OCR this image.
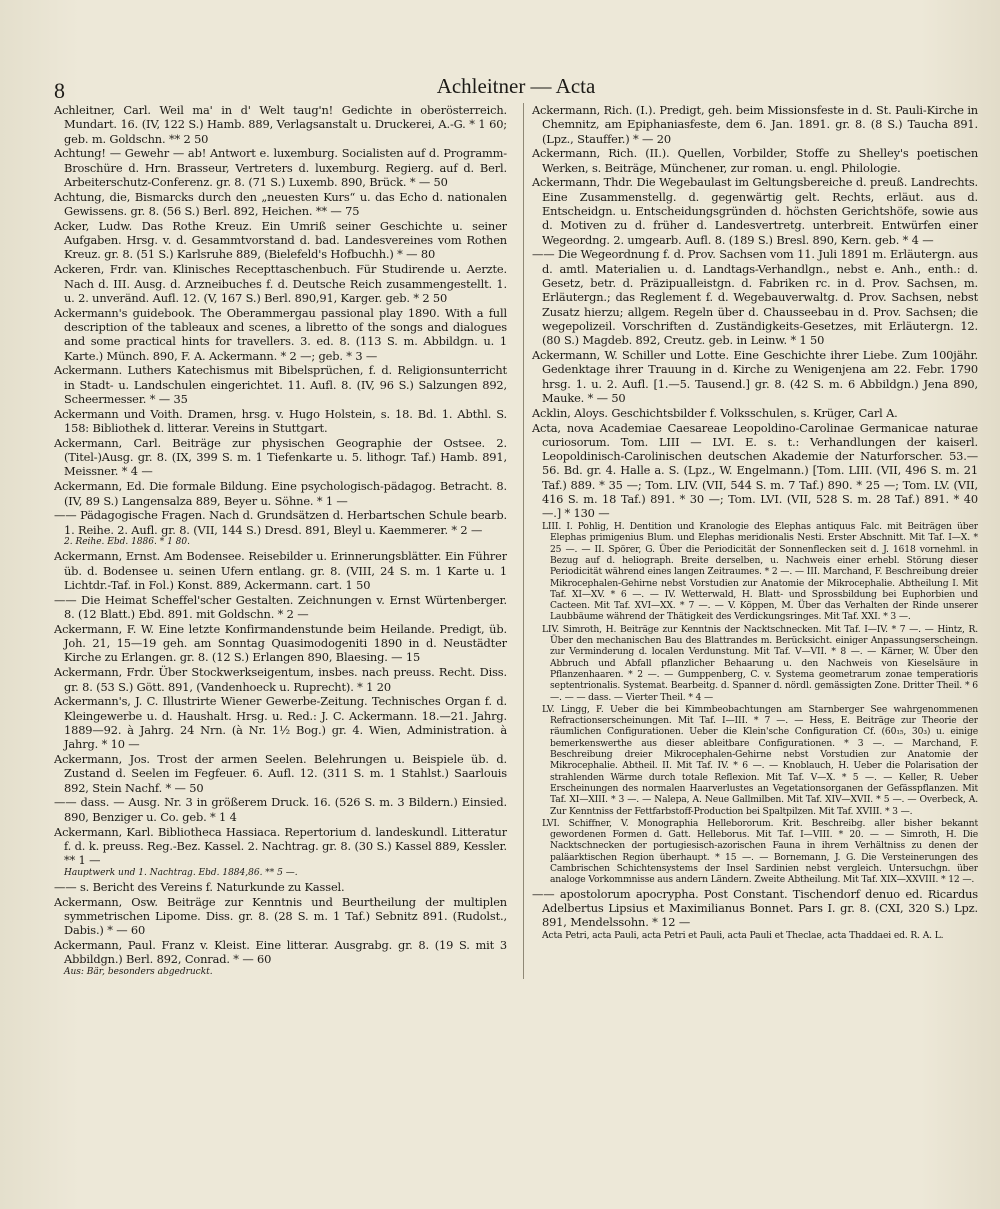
8	Achleitner — Acta

Achleitner, Carl. Weil ma' in d' Welt taug'n! Gedichte in oberösterreich. Mundart. 16. (IV, 122 S.) Hamb. 889, Verlagsanstalt u. Druckerei, A.-G. * 1 60; geb. m. Goldschn. ** 2 50

Achtung! — Gewehr — ab! Antwort e. luxemburg. Socialisten auf d. Programm-Broschüre d. Hrn. Brasseur, Vertreters d. luxemburg. Regierg. auf d. Berl. Arbeiterschutz-Conferenz. gr. 8. (71 S.) Luxemb. 890, Brück. * — 50

Achtung, die, Bismarcks durch den „neuesten Kurs“ u. das Echo d. nationalen Gewissens. gr. 8. (56 S.) Berl. 892, Heichen. ** — 75

Acker, Ludw. Das Rothe Kreuz. Ein Umriß seiner Geschichte u. seiner Aufgaben. Hrsg. v. d. Gesammtvorstand d. bad. Landesvereines vom Rothen Kreuz. gr. 8. (51 S.) Karlsruhe 889, (Bielefeld's Hofbuchh.) * — 80

Ackeren, Frdr. van. Klinisches Recepttaschenbuch. Für Studirende u. Aerzte. Nach d. III. Ausg. d. Arzneibuches f. d. Deutsche Reich zusammengestellt. 1. u. 2. unveränd. Aufl. 12. (V, 167 S.) Berl. 890,91, Karger. geb. * 2 50

Ackermann's guidebook. The Oberammergau passional play 1890. With a full description of the tableaux and scenes, a libretto of the songs and dialogues and some practical hints for travellers. 3. ed. 8. (113 S. m. Abbildgn. u. 1 Karte.) Münch. 890, F. A. Ackermann. * 2 —; geb. * 3 —

Ackermann. Luthers Katechismus mit Bibelsprüchen, f. d. Religionsunterricht in Stadt- u. Landschulen eingerichtet. 11. Aufl. 8. (IV, 96 S.) Salzungen 892, Scheermesser. * — 35

Ackermann und Voith. Dramen, hrsg. v. Hugo Holstein, s. 18. Bd. 1. Abthl. S. 158: Bibliothek d. litterar. Vereins in Stuttgart.

Ackermann, Carl. Beiträge zur physischen Geographie der Ostsee. 2. (Titel-)Ausg. gr. 8. (IX, 399 S. m. 1 Tiefenkarte u. 5. lithogr. Taf.) Hamb. 891, Meissner. * 4 —

Ackermann, Ed. Die formale Bildung. Eine psychologisch-pädagog. Betracht. 8. (IV, 89 S.) Langensalza 889, Beyer u. Söhne. * 1 —

—— Pädagogische Fragen. Nach d. Grundsätzen d. Herbartschen Schule bearb. 1. Reihe. 2. Aufl. gr. 8. (VII, 144 S.) Dresd. 891, Bleyl u. Kaemmerer. * 2 —

2. Reihe. Ebd. 1886. * 1 80.

Ackermann, Ernst. Am Bodensee. Reisebilder u. Erinnerungsblätter. Ein Führer üb. d. Bodensee u. seinen Ufern entlang. gr. 8. (VIII, 24 S. m. 1 Karte u. 1 Lichtdr.-Taf. in Fol.) Konst. 889, Ackermann. cart. 1 50

—— Die Heimat Scheffel'scher Gestalten. Zeichnungen v. Ernst Würtenberger. 8. (12 Blatt.) Ebd. 891. mit Goldschn. * 2 —

Ackermann, F. W. Eine letzte Konfirmandenstunde beim Heilande. Predigt, üb. Joh. 21, 15—19 geh. am Sonntag Quasimodogeniti 1890 in d. Neustädter Kirche zu Erlangen. gr. 8. (12 S.) Erlangen 890, Blaesing. — 15

Ackermann, Frdr. Über Stockwerkseigentum, insbes. nach preuss. Recht. Diss. gr. 8. (53 S.) Gött. 891, (Vandenhoeck u. Ruprecht). * 1 20

Ackermann's, J. C. Illustrirte Wiener Gewerbe-Zeitung. Technisches Organ f. d. Kleingewerbe u. d. Haushalt. Hrsg. u. Red.: J. C. Ackermann. 18.—21. Jahrg. 1889—92. à Jahrg. 24 Nrn. (à Nr. 1½ Bog.) gr. 4. Wien, Administration. à Jahrg. * 10 —

Ackermann, Jos. Trost der armen Seelen. Belehrungen u. Beispiele üb. d. Zustand d. Seelen im Fegfeuer. 6. Aufl. 12. (311 S. m. 1 Stahlst.) Saarlouis 892, Stein Nachf. * — 50

—— dass. — Ausg. Nr. 3 in größerem Druck. 16. (526 S. m. 3 Bildern.) Einsied. 890, Benziger u. Co. geb. * 1 4

Ackermann, Karl. Bibliotheca Hassiaca. Repertorium d. landeskundl. Litteratur f. d. k. preuss. Reg.-Bez. Kassel. 2. Nachtrag. gr. 8. (30 S.) Kassel 889, Kessler. ** 1 —

Hauptwerk und 1. Nachtrag. Ebd. 1884,86. ** 5 —.

—— s. Bericht des Vereins f. Naturkunde zu Kassel.

Ackermann, Osw. Beiträge zur Kenntnis und Beurtheilung der multiplen symmetrischen Lipome. Diss. gr. 8. (28 S. m. 1 Taf.) Sebnitz 891. (Rudolst., Dabis.) * — 60

Ackermann, Paul. Franz v. Kleist. Eine litterar. Ausgrabg. gr. 8. (19 S. mit 3 Abbildgn.) Berl. 892, Conrad. * — 60

Aus: Bär, besonders abgedruckt.

Ackermann, Rich. (I.). Predigt, geh. beim Missionsfeste in d. St. Pauli-Kirche in Chemnitz, am Epiphaniasfeste, dem 6. Jan. 1891. gr. 8. (8 S.) Taucha 891. (Lpz., Stauffer.) * — 20

Ackermann, Rich. (II.). Quellen, Vorbilder, Stoffe zu Shelley's poetischen Werken, s. Beiträge, Münchener, zur roman. u. engl. Philologie.

Ackermann, Thdr. Die Wegebaulast im Geltungsbereiche d. preuß. Landrechts. Eine Zusammenstellg. d. gegenwärtig gelt. Rechts, erläut. aus d. Entscheidgn. u. Entscheidungsgründen d. höchsten Gerichtshöfe, sowie aus d. Motiven zu d. früher d. Landesvertretg. unterbreit. Entwürfen einer Wegeordng. 2. umgearb. Aufl. 8. (189 S.) Bresl. 890, Kern. geb. * 4 —

—— Die Wegeordnung f. d. Prov. Sachsen vom 11. Juli 1891 m. Erläutergn. aus d. amtl. Materialien u. d. Landtags-Verhandlgn., nebst e. Anh., enth.: d. Gesetz, betr. d. Präzipualleistgn. d. Fabriken rc. in d. Prov. Sachsen, m. Erläutergn.; das Reglement f. d. Wegebauverwaltg. d. Prov. Sachsen, nebst Zusatz hierzu; allgem. Regeln über d. Chausseebau in d. Prov. Sachsen; die wegepolizeil. Vorschriften d. Zuständigkeits-Gesetzes, mit Erläutergn. 12. (80 S.) Magdeb. 892, Creutz. geb. in Leinw. * 1 50

Ackermann, W. Schiller und Lotte. Eine Geschichte ihrer Liebe. Zum 100jähr. Gedenktage ihrer Trauung in d. Kirche zu Wenigenjena am 22. Febr. 1790 hrsg. 1. u. 2. Aufl. [1.—5. Tausend.] gr. 8. (42 S. m. 6 Abbildgn.) Jena 890, Mauke. * — 50

Acklin, Aloys. Geschichtsbilder f. Volksschulen, s. Krüger, Carl A.

Acta, nova Academiae Caesareae Leopoldino-Carolinae Germanicae naturae curiosorum. Tom. LIII — LVI. E. s. t.: Verhandlungen der kaiserl. Leopoldinisch-Carolinischen deutschen Akademie der Naturforscher. 53.—56. Bd. gr. 4. Halle a. S. (Lpz., W. Engelmann.) [Tom. LIII. (VII, 496 S. m. 21 Taf.) 889. * 35 —; Tom. LIV. (VII, 544 S. m. 7 Taf.) 890. * 25 —; Tom. LV. (VII, 416 S. m. 18 Taf.) 891. * 30 —; Tom. LVI. (VII, 528 S. m. 28 Taf.) 891. * 40 —.] * 130 —

LIII. I. Pohlig, H. Dentition und Kranologie des Elephas antiquus Falc. mit Beiträgen über Elephas primigenius Blum. und Elephas meridionalis Nesti. Erster Abschnitt. Mit Taf. I—X. * 25 —. — II. Spörer, G. Über die Periodicität der Sonnenflecken seit d. J. 1618 vornehml. in Bezug auf d. heliograph. Breite derselben, u. Nachweis einer erhebl. Störung dieser Periodicität während eines langen Zeitraumes. * 2 —. — III. Marchand, F. Beschreibung dreier Mikrocephalen-Gehirne nebst Vorstudien zur Anatomie der Mikrocephalie. Abtheilung I. Mit Taf. XI—XV. * 6 —. — IV. Wetterwald, H. Blatt- und Sprossbildung bei Euphorbien und Cacteen. Mit Taf. XVI—XX. * 7 —. — V. Köppen, M. Über das Verhalten der Rinde unserer Laubbäume während der Thätigkeit des Verdickungsringes. Mit Taf. XXI. * 3 —.

LIV. Simroth, H. Beiträge zur Kenntnis der Nacktschnecken. Mit Taf. I—IV. * 7 —. — Hintz, R. Über den mechanischen Bau des Blattrandes m. Berücksicht. einiger Anpassungserscheingn. zur Verminderung d. localen Verdunstung. Mit Taf. V—VII. * 8 —. — Kärner, W. Über den Abbruch und Abfall pflanzlicher Behaarung u. den Nachweis von Kieselsäure in Pflanzenhaaren. * 2 —. — Gumppenberg, C. v. Systema geometrarum zonae temperatioris septentrionalis. Systemat. Bearbeitg. d. Spanner d. nördl. gemässigten Zone. Dritter Theil. * 6 —. — — dass. — Vierter Theil. * 4 —

LV. Lingg, F. Ueber die bei Kimmbeobachtungen am Starnberger See wahrgenommenen Refractionserscheinungen. Mit Taf. I—III. * 7 —. — Hess, E. Beiträge zur Theorie der räumlichen Configurationen. Ueber die Klein'sche Configuration Cf. (60₁₅, 30₃) u. einige bemerkenswerthe aus dieser ableitbare Configurationen. * 3 —. — Marchand, F. Beschreibung dreier Mikrocephalen-Gehirne nebst Vorstudien zur Anatomie der Mikrocephalie. Abtheil. II. Mit Taf. IV. * 6 —. — Knoblauch, H. Ueber die Polarisation der strahlenden Wärme durch totale Reflexion. Mit Taf. V—X. * 5 —. — Keller, R. Ueber Erscheinungen des normalen Haarverlustes an Vegetationsorganen der Gefässpflanzen. Mit Taf. XI—XIII. * 3 —. — Nalepa, A. Neue Gallmilben. Mit Taf. XIV—XVII. * 5 —. — Overbeck, A. Zur Kenntniss der Fettfarbstoff-Production bei Spaltpilzen. Mit Taf. XVIII. * 3 —.

LVI. Schiffner, V. Monographia Hellebororum. Krit. Beschreibg. aller bisher bekannt gewordenen Formen d. Gatt. Helleborus. Mit Taf. I—VIII. * 20. — — Simroth, H. Die Nacktschnecken der portugiesisch-azorischen Fauna in ihrem Verhältniss zu denen der paläarktischen Region überhaupt. * 15 —. — Bornemann, J. G. Die Versteinerungen des Cambrischen Schichtensystems der Insel Sardinien nebst vergleich. Untersuchgn. über analoge Vorkommnisse aus andern Ländern. Zweite Abtheilung. Mit Taf. XIX—XXVIII. * 12 —.

—— apostolorum apocrypha. Post Constant. Tischendorf denuo ed. Ricardus Adelbertus Lipsius et Maximilianus Bonnet. Pars I. gr. 8. (CXI, 320 S.) Lpz. 891, Mendelssohn. * 12 —

Acta Petri, acta Pauli, acta Petri et Pauli, acta Pauli et Theclae, acta Thaddaei ed. R. A. L.
